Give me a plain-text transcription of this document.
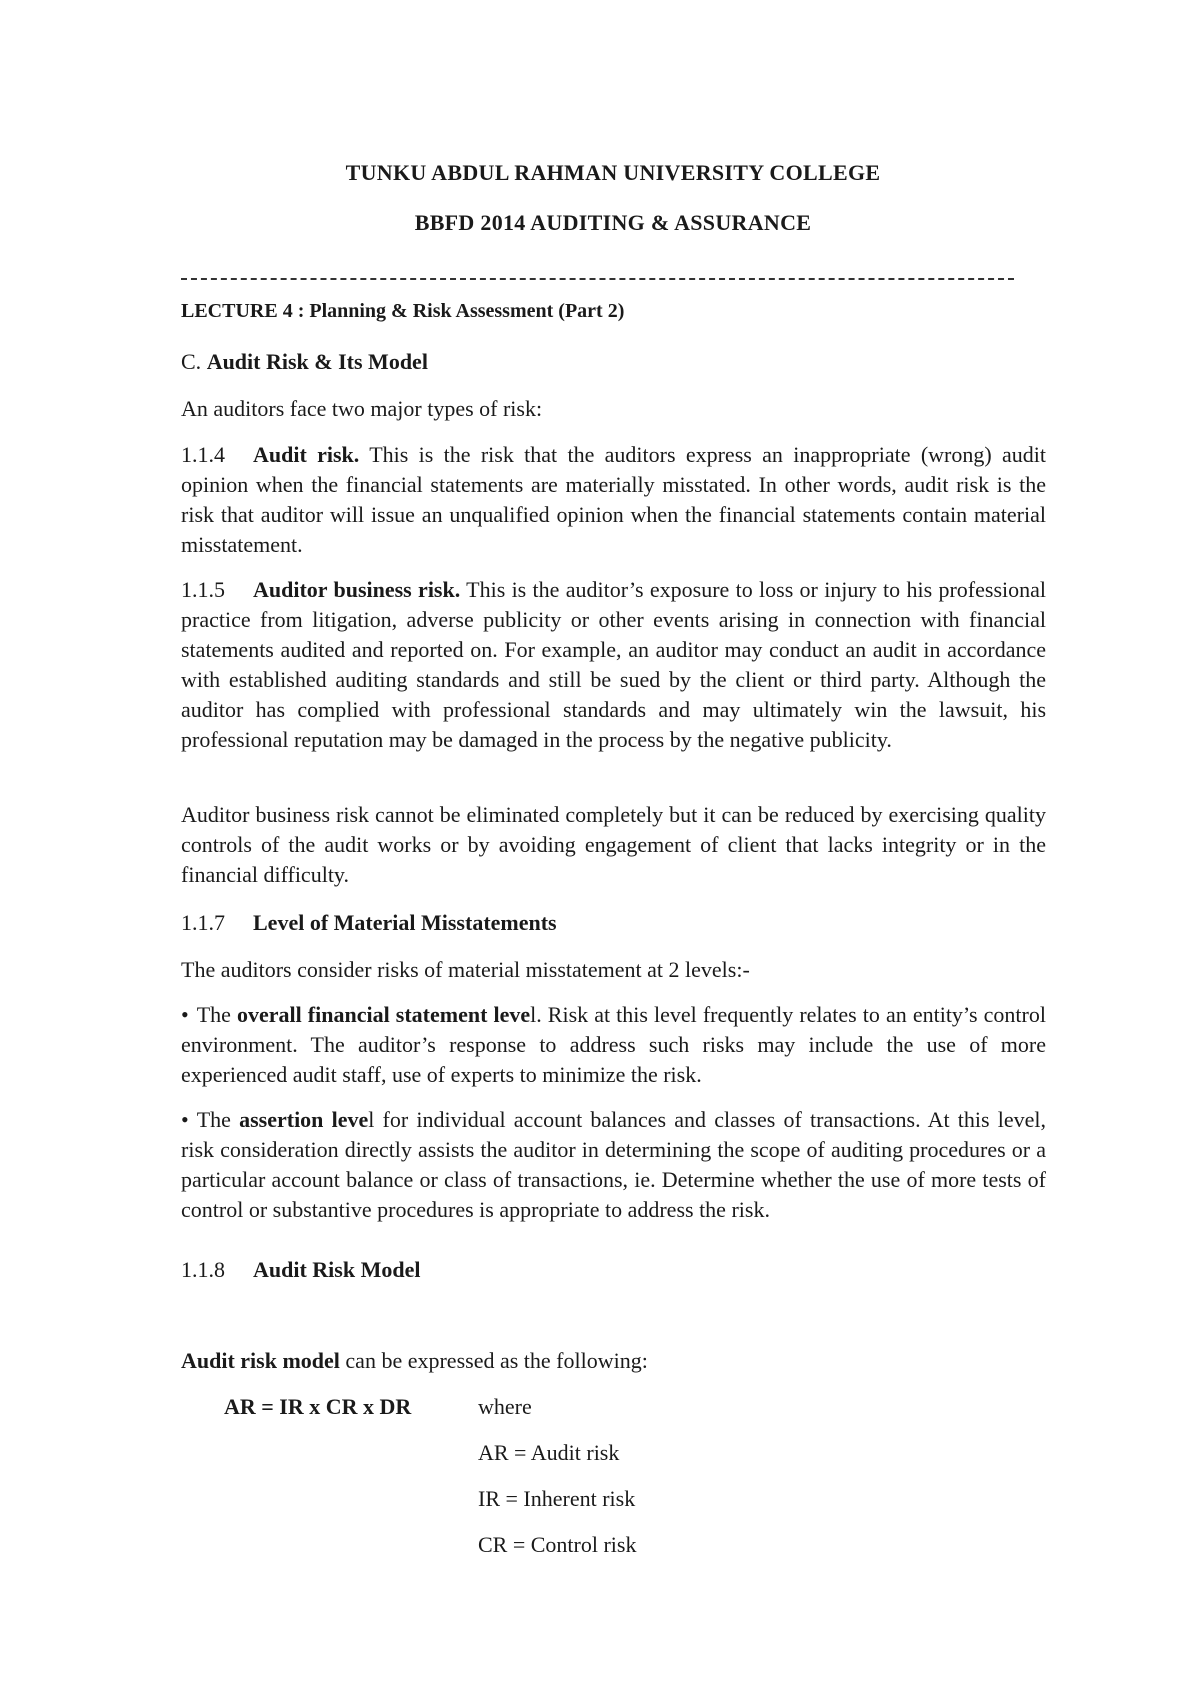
TUNKU ABDUL RAHMAN UNIVERSITY COLLEGE
BBFD 2014 AUDITING & ASSURANCE
LECTURE 4 : Planning & Risk Assessment (Part 2)
C. Audit Risk & Its Model
An auditors face two major types of risk:
1.1.4 Audit risk. This is the risk that the auditors express an inappropriate (wrong) audit opinion when the financial statements are materially misstated. In other words, audit risk is the risk that auditor will issue an unqualified opinion when the financial statements contain material misstatement.
1.1.5 Auditor business risk. This is the auditor’s exposure to loss or injury to his professional practice from litigation, adverse publicity or other events arising in connection with financial statements audited and reported on. For example, an auditor may conduct an audit in accordance with established auditing standards and still be sued by the client or third party. Although the auditor has complied with professional standards and may ultimately win the lawsuit, his professional reputation may be damaged in the process by the negative publicity.
Auditor business risk cannot be eliminated completely but it can be reduced by exercising quality controls of the audit works or by avoiding engagement of client that lacks integrity or in the financial difficulty.
1.1.7 Level of Material Misstatements
The auditors consider risks of material misstatement at 2 levels:-
• The overall financial statement level. Risk at this level frequently relates to an entity’s control environment. The auditor’s response to address such risks may include the use of more experienced audit staff, use of experts to minimize the risk.
• The assertion level for individual account balances and classes of transactions. At this level, risk consideration directly assists the auditor in determining the scope of auditing procedures or a particular account balance or class of transactions, ie. Determine whether the use of more tests of control or substantive procedures is appropriate to address the risk.
1.1.8 Audit Risk Model
Audit risk model can be expressed as the following:
AR = IR x CR x DR	where
AR = Audit risk
IR = Inherent risk
CR = Control risk
